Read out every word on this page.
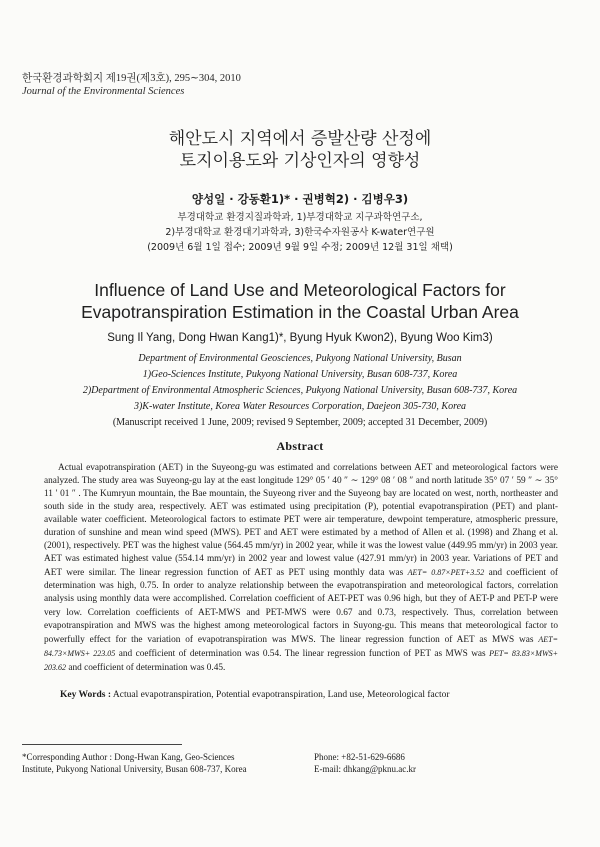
한국환경과학회지 제19권(제3호), 295∼304, 2010
Journal of the Environmental Sciences
해안도시 지역에서 증발산량 산정에
토지이용도와 기상인자의 영향성
양성일 · 강동환1)* · 권병혁2) · 김병우3)
부경대학교 환경지질과학과, 1)부경대학교 지구과학연구소,
2)부경대학교 환경대기과학과, 3)한국수자원공사 K-water연구원
(2009년 6월 1일 접수; 2009년 9월 9일 수정; 2009년 12월 31일 채택)
Influence of Land Use and Meteorological Factors for
Evapotranspiration Estimation in the Coastal Urban Area
Sung Il Yang, Dong Hwan Kang1)*, Byung Hyuk Kwon2), Byung Woo Kim3)
Department of Environmental Geosciences, Pukyong National University, Busan
1)Geo-Sciences Institute, Pukyong National University, Busan 608-737, Korea
2)Department of Environmental Atmospheric Sciences, Pukyong National University, Busan 608-737, Korea
3)K-water Institute, Korea Water Resources Corporation, Daejeon 305-730, Korea
(Manuscript received 1 June, 2009; revised 9 September, 2009; accepted 31 December, 2009)
Abstract

Actual evapotranspiration (AET) in the Suyeong-gu was estimated and correlations between AET and meteorological factors were analyzed. The study area was Suyeong-gu lay at the east longitude 129° 05 ′ 40 ″ ∼ 129° 08 ′ 08 ″ and north latitude 35° 07 ′ 59 ″ ∼ 35° 11 ′ 01 ″ . The Kumryun mountain, the Bae mountain, the Suyeong river and the Suyeong bay are located on west, north, northeaster and south side in the study area, respectively. AET was estimated using precipitation (P), potential evapotranspiration (PET) and plant-available water coefficient. Meteorological factors to estimate PET were air temperature, dewpoint temperature, atmospheric pressure, duration of sunshine and mean wind speed (MWS). PET and AET were estimated by a method of Allen et al. (1998) and Zhang et al. (2001), respectively. PET was the highest value (564.45 mm/yr) in 2002 year, while it was the lowest value (449.95 mm/yr) in 2003 year. AET was estimated highest value (554.14 mm/yr) in 2002 year and lowest value (427.91 mm/yr) in 2003 year. Variations of PET and AET were similar. The linear regression function of AET as PET using monthly data was AET= 0.87×PET+3.52 and coefficient of determination was high, 0.75. In order to analyze relationship between the evapotranspiration and meteorological factors, correlation analysis using monthly data were accomplished. Correlation coefficient of AET-PET was 0.96 high, but they of AET-P and PET-P were very low. Correlation coefficients of AET-MWS and PET-MWS were 0.67 and 0.73, respectively. Thus, correlation between evapotranspiration and MWS was the highest among meteorological factors in Suyong-gu. This means that meteorological factor to powerfully effect for the variation of evapotranspiration was MWS. The linear regression function of AET as MWS was AET= 84.73×MWS+ 223.05 and coefficient of determination was 0.54. The linear regression function of PET as MWS was PET= 83.83×MWS+ 203.62 and coefficient of determination was 0.45.

Key Words : Actual evapotranspiration, Potential evapotranspiration, Land use, Meteorological factor
*Corresponding Author : Dong-Hwan Kang, Geo-Sciences
Institute, Pukyong National University, Busan 608-737, Korea
Phone: +82-51-629-6686
E-mail: dhkang@pknu.ac.kr
